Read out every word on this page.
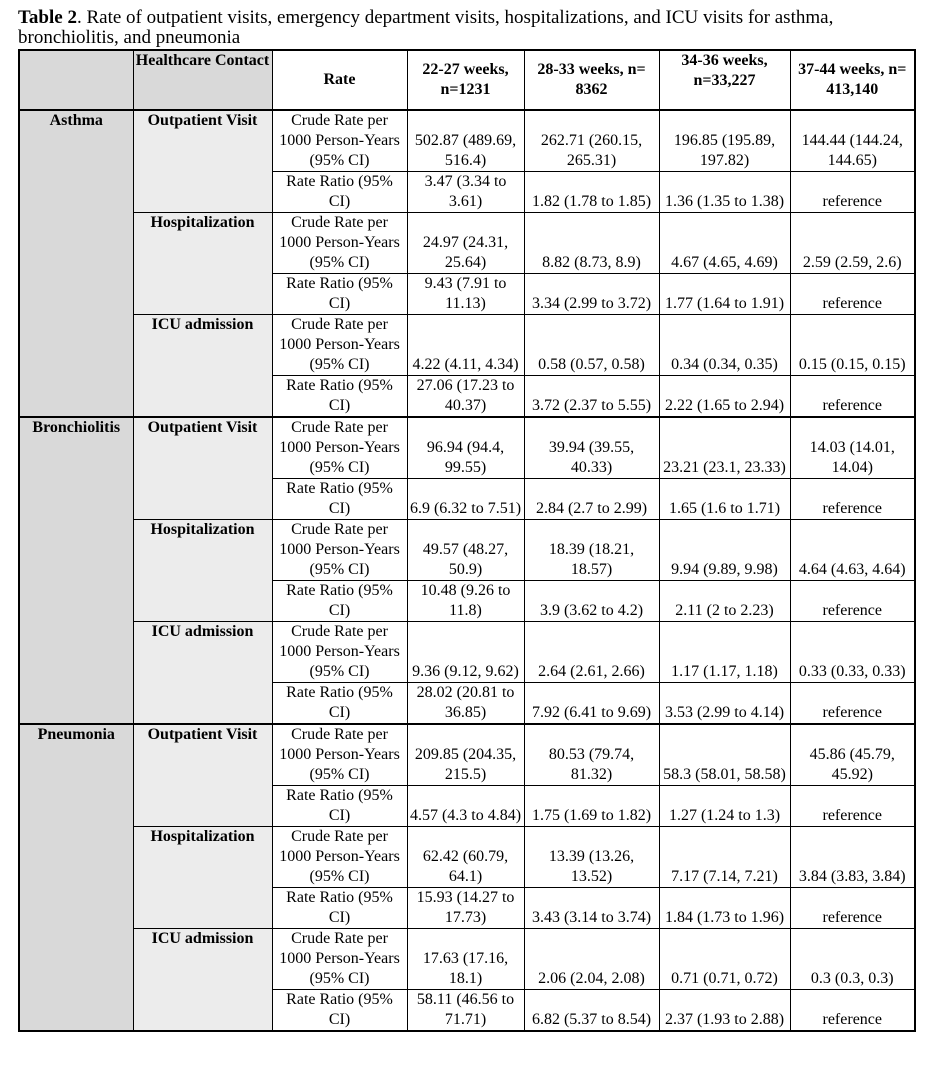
Table 2. Rate of outpatient visits, emergency department visits, hospitalizations, and ICU visits for asthma, bronchiolitis, and pneumonia
	Healthcare Contact	Rate	22-27 weeks, n=1231	28-33 weeks, n= 8362	34-36 weeks, n=33,227	37-44 weeks, n= 413,140
Asthma	Outpatient Visit	Crude Rate per 1000 Person-Years (95% CI)	502.87 (489.69, 516.4)	262.71 (260.15, 265.31)	196.85 (195.89, 197.82)	144.44 (144.24, 144.65)
		Rate Ratio (95% CI)	3.47 (3.34 to 3.61)	1.82 (1.78 to 1.85)	1.36 (1.35 to 1.38)	reference
	Hospitalization	Crude Rate per 1000 Person-Years (95% CI)	24.97 (24.31, 25.64)	8.82 (8.73, 8.9)	4.67 (4.65, 4.69)	2.59 (2.59, 2.6)
		Rate Ratio (95% CI)	9.43 (7.91 to 11.13)	3.34 (2.99 to 3.72)	1.77 (1.64 to 1.91)	reference
	ICU admission	Crude Rate per 1000 Person-Years (95% CI)	4.22 (4.11, 4.34)	0.58 (0.57, 0.58)	0.34 (0.34, 0.35)	0.15 (0.15, 0.15)
		Rate Ratio (95% CI)	27.06 (17.23 to 40.37)	3.72 (2.37 to 5.55)	2.22 (1.65 to 2.94)	reference
Bronchiolitis	Outpatient Visit	Crude Rate per 1000 Person-Years (95% CI)	96.94 (94.4, 99.55)	39.94 (39.55, 40.33)	23.21 (23.1, 23.33)	14.03 (14.01, 14.04)
		Rate Ratio (95% CI)	6.9 (6.32 to 7.51)	2.84 (2.7 to 2.99)	1.65 (1.6 to 1.71)	reference
	Hospitalization	Crude Rate per 1000 Person-Years (95% CI)	49.57 (48.27, 50.9)	18.39 (18.21, 18.57)	9.94 (9.89, 9.98)	4.64 (4.63, 4.64)
		Rate Ratio (95% CI)	10.48 (9.26 to 11.8)	3.9 (3.62 to 4.2)	2.11 (2 to 2.23)	reference
	ICU admission	Crude Rate per 1000 Person-Years (95% CI)	9.36 (9.12, 9.62)	2.64 (2.61, 2.66)	1.17 (1.17, 1.18)	0.33 (0.33, 0.33)
		Rate Ratio (95% CI)	28.02 (20.81 to 36.85)	7.92 (6.41 to 9.69)	3.53 (2.99 to 4.14)	reference
Pneumonia	Outpatient Visit	Crude Rate per 1000 Person-Years (95% CI)	209.85 (204.35, 215.5)	80.53 (79.74, 81.32)	58.3 (58.01, 58.58)	45.86 (45.79, 45.92)
		Rate Ratio (95% CI)	4.57 (4.3 to 4.84)	1.75 (1.69 to 1.82)	1.27 (1.24 to 1.3)	reference
	Hospitalization	Crude Rate per 1000 Person-Years (95% CI)	62.42 (60.79, 64.1)	13.39 (13.26, 13.52)	7.17 (7.14, 7.21)	3.84 (3.83, 3.84)
		Rate Ratio (95% CI)	15.93 (14.27 to 17.73)	3.43 (3.14 to 3.74)	1.84 (1.73 to 1.96)	reference
	ICU admission	Crude Rate per 1000 Person-Years (95% CI)	17.63 (17.16, 18.1)	2.06 (2.04, 2.08)	0.71 (0.71, 0.72)	0.3 (0.3, 0.3)
		Rate Ratio (95% CI)	58.11 (46.56 to 71.71)	6.82 (5.37 to 8.54)	2.37 (1.93 to 2.88)	reference
